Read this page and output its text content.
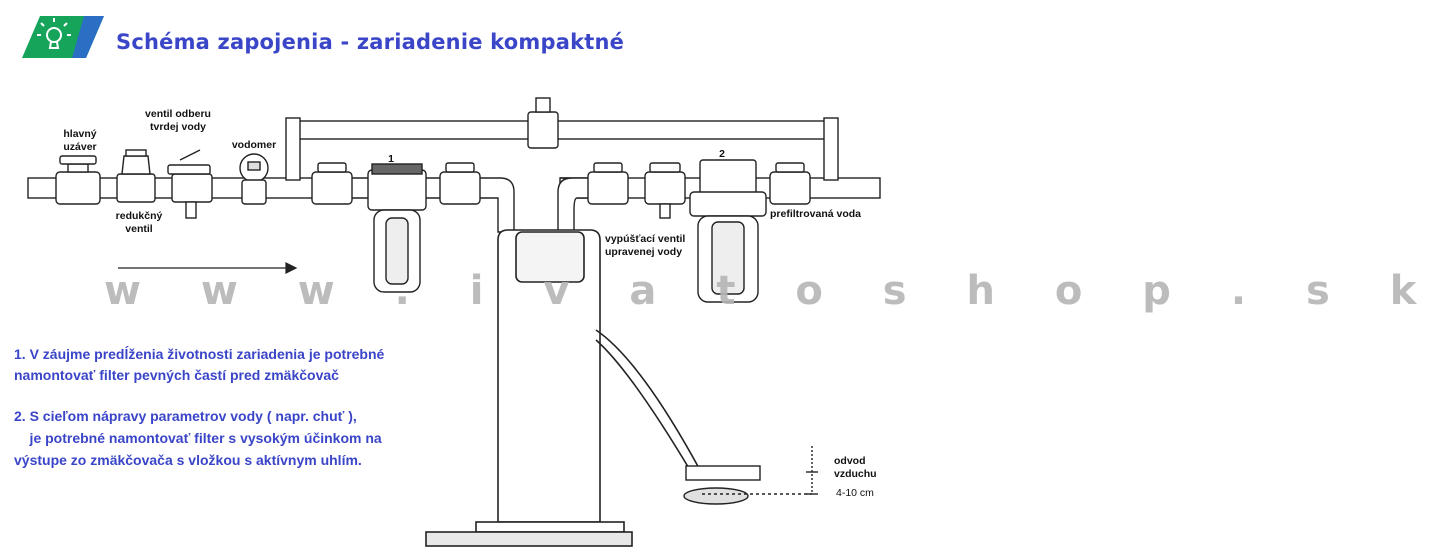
Schéma zapojenia - zariadenie kompaktné
hlavný
uzáver
ventil odberu
tvrdej vody
vodomer
redukčný
ventil
1	2
vypúšťací ventil
upravenej vody
prefiltrovaná voda
odvod
vzduchu
4-10 cm
w w w . i v a t o s h o p . s k
1. V záujme predĺženia životnosti zariadenia je potrebné
namontovať filter pevných častí pred zmäkčovač
2. S cieľom nápravy parametrov vody ( napr. chuť ),
je potrebné namontovať filter s vysokým účinkom na
výstupe zo zmäkčovača s vložkou s aktívnym uhlím.
